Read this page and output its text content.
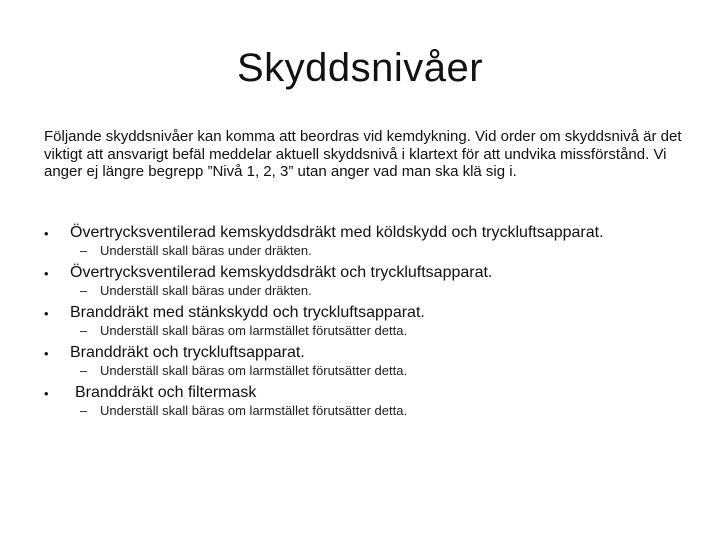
Skyddsnivåer

Följande skyddsnivåer kan komma att beordras vid kemdykning. Vid order om skyddsnivå är det viktigt att ansvarigt befäl meddelar aktuell skyddsnivå i klartext för att undvika missförstånd. Vi anger ej längre begrepp ”Nivå 1, 2, 3” utan anger vad man ska klä sig i.

• Övertrycksventilerad kemskyddsdräkt med köldskydd och tryckluftsapparat.
– Underställ skall bäras under dräkten.
• Övertrycksventilerad kemskyddsdräkt och tryckluftsapparat.
– Underställ skall bäras under dräkten.
• Branddräkt med stänkskydd och tryckluftsapparat.
– Underställ skall bäras om larmstället förutsätter detta.
• Branddräkt och tryckluftsapparat.
– Underställ skall bäras om larmstället förutsätter detta.
• Branddräkt och filtermask
– Underställ skall bäras om larmstället förutsätter detta.
